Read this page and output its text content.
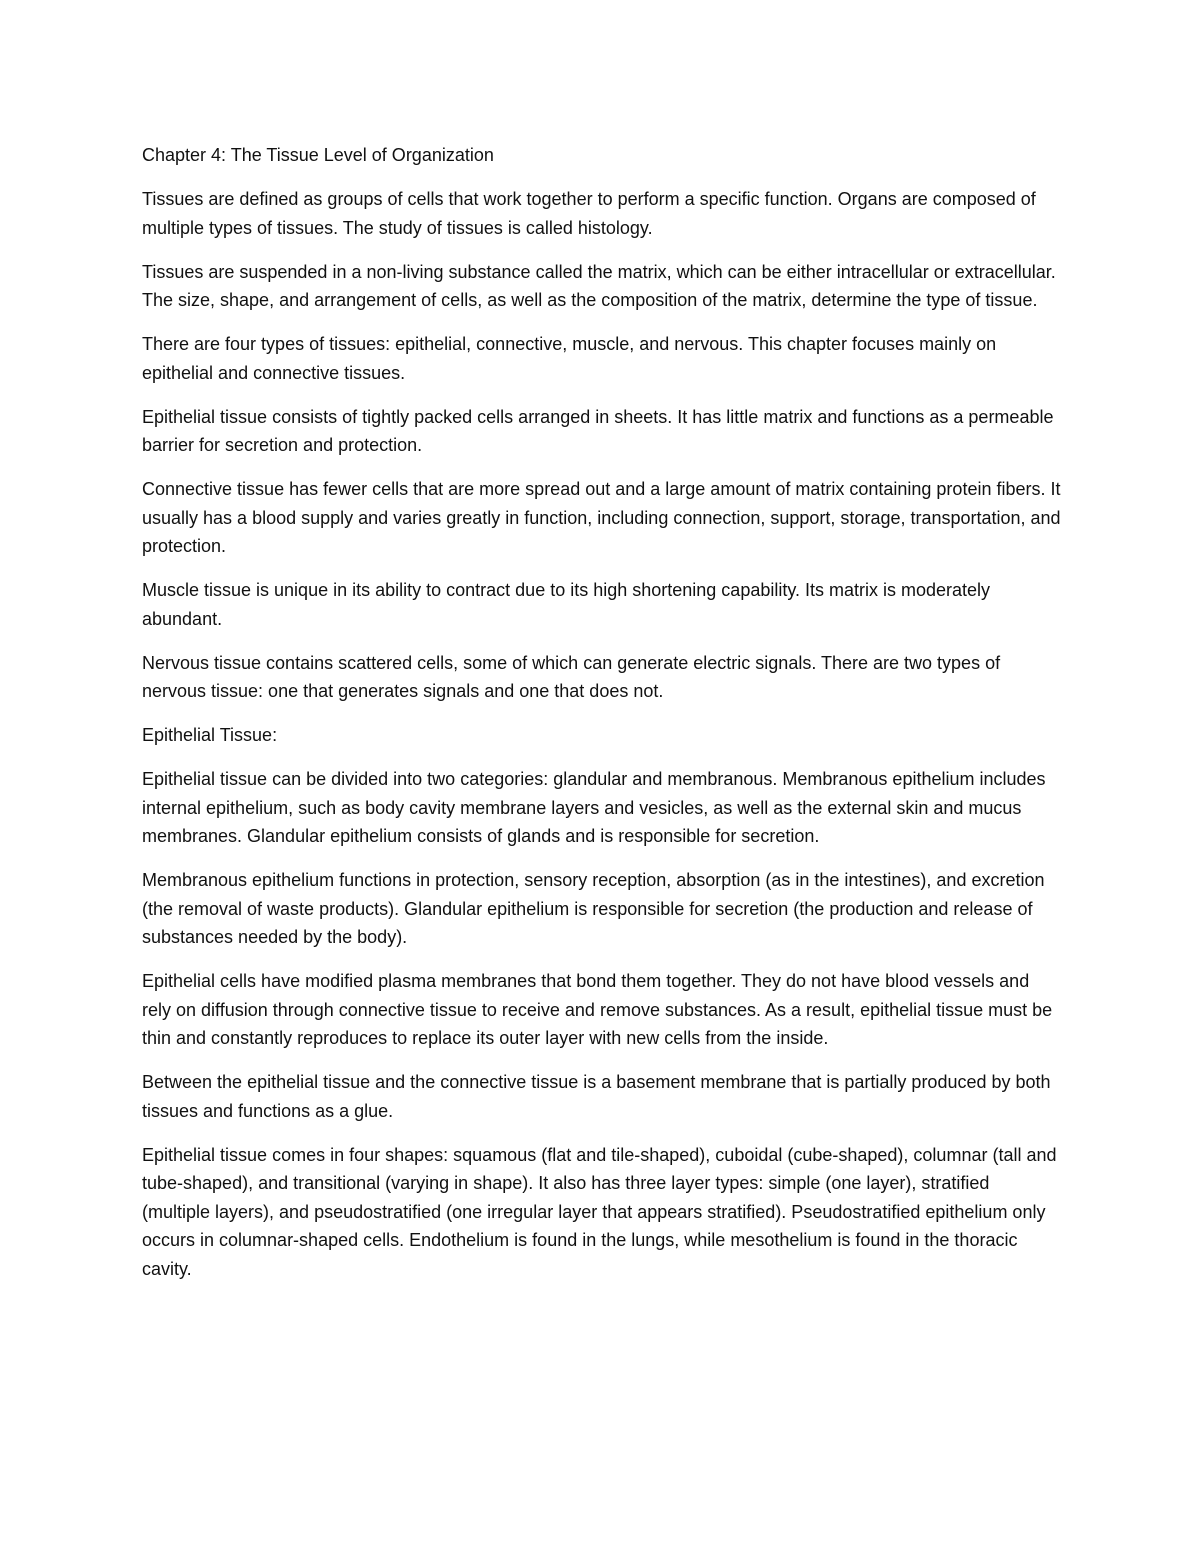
Chapter 4: The Tissue Level of Organization

Tissues are defined as groups of cells that work together to perform a specific function. Organs are composed of multiple types of tissues. The study of tissues is called histology.

Tissues are suspended in a non-living substance called the matrix, which can be either intracellular or extracellular. The size, shape, and arrangement of cells, as well as the composition of the matrix, determine the type of tissue.

There are four types of tissues: epithelial, connective, muscle, and nervous. This chapter focuses mainly on epithelial and connective tissues.

Epithelial tissue consists of tightly packed cells arranged in sheets. It has little matrix and functions as a permeable barrier for secretion and protection.

Connective tissue has fewer cells that are more spread out and a large amount of matrix containing protein fibers. It usually has a blood supply and varies greatly in function, including connection, support, storage, transportation, and protection.

Muscle tissue is unique in its ability to contract due to its high shortening capability. Its matrix is moderately abundant.

Nervous tissue contains scattered cells, some of which can generate electric signals. There are two types of nervous tissue: one that generates signals and one that does not.

Epithelial Tissue:

Epithelial tissue can be divided into two categories: glandular and membranous. Membranous epithelium includes internal epithelium, such as body cavity membrane layers and vesicles, as well as the external skin and mucus membranes. Glandular epithelium consists of glands and is responsible for secretion.

Membranous epithelium functions in protection, sensory reception, absorption (as in the intestines), and excretion (the removal of waste products). Glandular epithelium is responsible for secretion (the production and release of substances needed by the body).

Epithelial cells have modified plasma membranes that bond them together. They do not have blood vessels and rely on diffusion through connective tissue to receive and remove substances. As a result, epithelial tissue must be thin and constantly reproduces to replace its outer layer with new cells from the inside.

Between the epithelial tissue and the connective tissue is a basement membrane that is partially produced by both tissues and functions as a glue.

Epithelial tissue comes in four shapes: squamous (flat and tile-shaped), cuboidal (cube-shaped), columnar (tall and tube-shaped), and transitional (varying in shape). It also has three layer types: simple (one layer), stratified (multiple layers), and pseudostratified (one irregular layer that appears stratified). Pseudostratified epithelium only occurs in columnar-shaped cells. Endothelium is found in the lungs, while mesothelium is found in the thoracic cavity.
